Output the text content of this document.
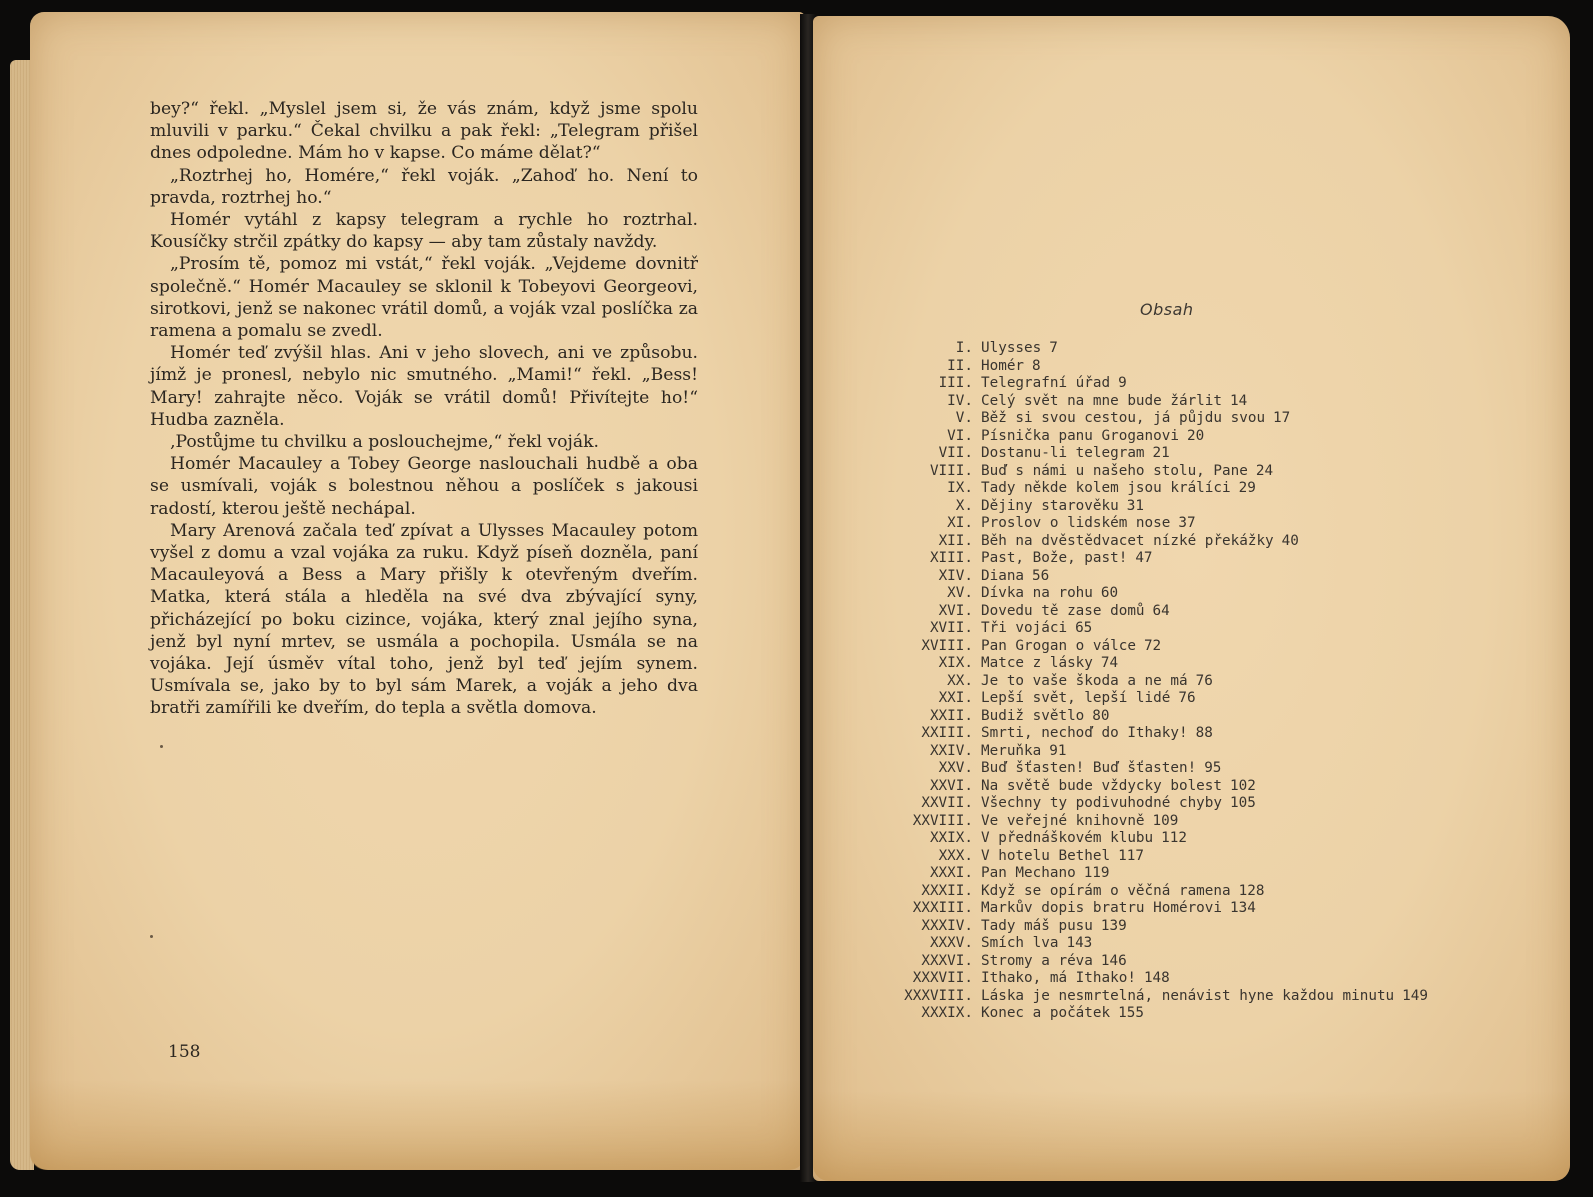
bey?“ řekl. „Myslel jsem si, že vás znám, když jsme spolu mluvili v parku.“ Čekal chvilku a pak řekl: „Telegram přišel dnes odpoledne. Mám ho v kapse. Co máme dělat?“

„Roztrhej ho, Homére,“ řekl voják. „Zahoď ho. Není to pravda, roztrhej ho.“

Homér vytáhl z kapsy telegram a rychle ho roztrhal. Kousíčky strčil zpátky do kapsy — aby tam zůstaly navždy.

„Prosím tě, pomoz mi vstát,“ řekl voják. „Vejdeme dovnitř společně.“ Homér Macauley se sklonil k Tobeyovi Georgeovi, sirotkovi, jenž se nakonec vrátil domů, a voják vzal poslíčka za ramena a pomalu se zvedl.

Homér teď zvýšil hlas. Ani v jeho slovech, ani ve způsobu. jímž je pronesl, nebylo nic smutného. „Mami!“ řekl. „Bess! Mary! zahrajte něco. Voják se vrátil domů! Přivítejte ho!“ Hudba zazněla.

‚Postůjme tu chvilku a poslouchejme,“ řekl voják.

Homér Macauley a Tobey George naslouchali hudbě a oba se usmívali, voják s bolestnou něhou a poslíček s jakousi radostí, kterou ještě nechápal.

Mary Arenová začala teď zpívat a Ulysses Macauley potom vyšel z domu a vzal vojáka za ruku. Když píseň dozněla, paní Macauleyová a Bess a Mary přišly k otevřeným dveřím. Matka, která stála a hleděla na své dva zbývající syny, přicházející po boku cizince, vojáka, který znal jejího syna, jenž byl nyní mrtev, se usmála a pochopila. Usmála se na vojáka. Její úsměv vítal toho, jenž byl teď jejím synem. Usmívala se, jako by to byl sám Marek, a voják a jeho dva bratři zamířili ke dveřím, do tepla a světla domova.

158
Obsah
I. Ulysses 7
II. Homér 8
III. Telegrafní úřad 9
IV. Celý svět na mne bude žárlit 14
V. Běž si svou cestou, já půjdu svou 17
VI. Písnička panu Groganovi 20
VII. Dostanu-li telegram 21
VIII. Buď s námi u našeho stolu, Pane 24
IX. Tady někde kolem jsou králíci 29
X. Dějiny starověku 31
XI. Proslov o lidském nose 37
XII. Běh na dvěstědvacet nízké překážky 40
XIII. Past, Bože, past! 47
XIV. Diana 56
XV. Dívka na rohu 60
XVI. Dovedu tě zase domů 64
XVII. Tři vojáci 65
XVIII. Pan Grogan o válce 72
XIX. Matce z lásky 74
XX. Je to vaše škoda a ne má 76
XXI. Lepší svět, lepší lidé 76
XXII. Budiž světlo 80
XXIII. Smrti, nechoď do Ithaky! 88
XXIV. Meruňka 91
XXV. Buď šťasten! Buď šťasten! 95
XXVI. Na světě bude vždycky bolest 102
XXVII. Všechny ty podivuhodné chyby 105
XXVIII. Ve veřejné knihovně 109
XXIX. V přednáškovém klubu 112
XXX. V hotelu Bethel 117
XXXI. Pan Mechano 119
XXXII. Když se opírám o věčná ramena 128
XXXIII. Markův dopis bratru Homérovi 134
XXXIV. Tady máš pusu 139
XXXV. Smích lva 143
XXXVI. Stromy a réva 146
XXXVII. Ithako, má Ithako! 148
XXXVIII. Láska je nesmrtelná, nenávist hyne každou minutu 149
XXXIX. Konec a počátek 155
